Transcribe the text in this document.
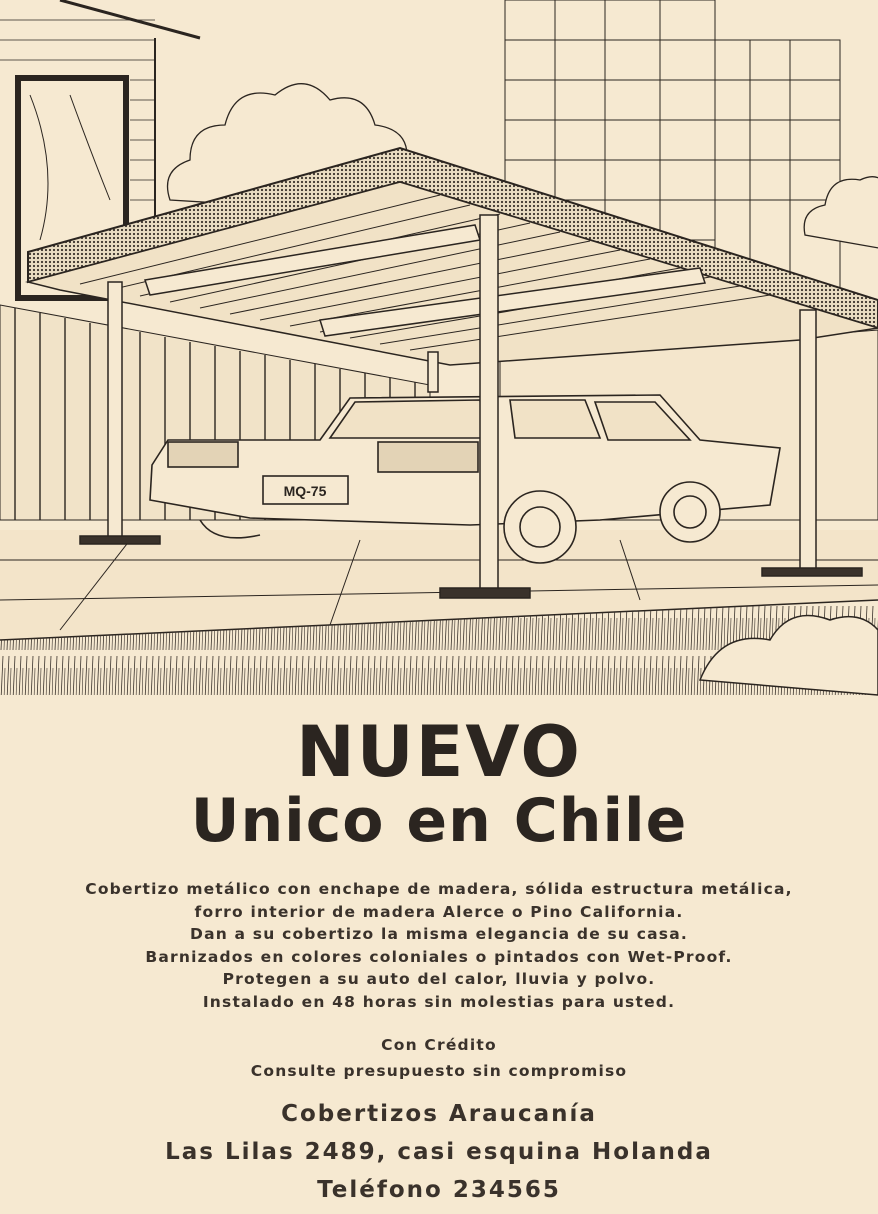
MQ-75
NUEVO
Unico en Chile
Cobertizo metálico con enchape de madera, sólida estructura metálica,
forro interior de madera Alerce o Pino California.
Dan a su cobertizo la misma elegancia de su casa.
Barnizados en colores coloniales o pintados con Wet-Proof.
Protegen a su auto del calor, lluvia y polvo.
Instalado en 48 horas sin molestias para usted.
Con Crédito
Consulte presupuesto sin compromiso
Cobertizos Araucanía
Las Lilas 2489, casi esquina Holanda
Teléfono 234565
